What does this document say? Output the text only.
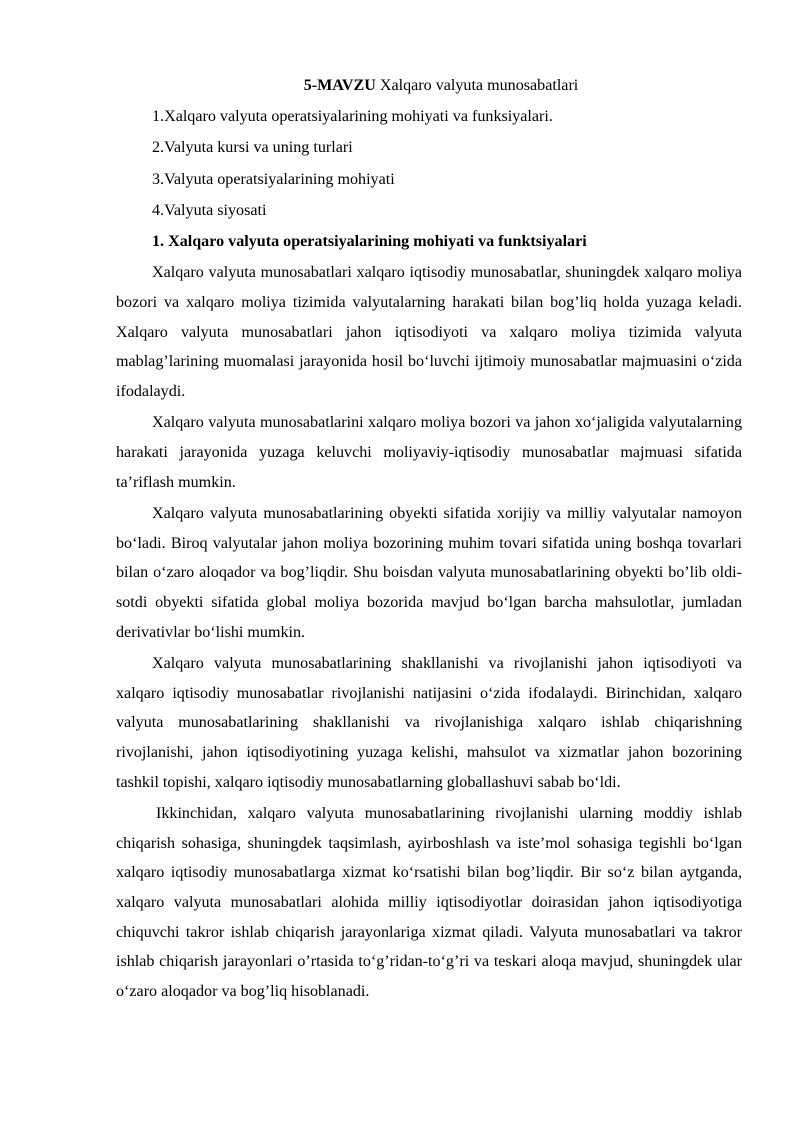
5-MAVZU Xalqaro valyuta munosabatlari

1.Xalqaro valyuta operatsiyalarining mohiyati va funksiyalari.

2.Valyuta kursi va uning turlari

3.Valyuta operatsiyalarining mohiyati

4.Valyuta siyosati

1. Xalqaro valyuta operatsiyalarining mohiyati va funktsiyalari

Xalqaro valyuta munosabatlari xalqaro iqtisodiy munosabatlar, shuningdek xalqaro moliya bozori va xalqaro moliya tizimida valyutalarning harakati bilan bog’liq holda yuzaga keladi. Xalqaro valyuta munosabatlari jahon iqtisodiyoti va xalqaro moliya tizimida valyuta mablag’larining muomalasi jarayonida hosil bo‘luvchi ijtimoiy munosabatlar majmuasini o‘zida ifodalaydi.

Xalqaro valyuta munosabatlarini xalqaro moliya bozori va jahon xo‘jaligida valyutalarning harakati jarayonida yuzaga keluvchi moliyaviy-iqtisodiy munosabatlar majmuasi sifatida ta’riflash mumkin.

Xalqaro valyuta munosabatlarining obyekti sifatida xorijiy va milliy valyutalar namoyon bo‘ladi. Biroq valyutalar jahon moliya bozorining muhim tovari sifatida uning boshqa tovarlari bilan o‘zaro aloqador va bog’liqdir. Shu boisdan valyuta munosabatlarining obyekti bo’lib oldi-sotdi obyekti sifatida global moliya bozorida mavjud bo‘lgan barcha mahsulotlar, jumladan derivativlar bo‘lishi mumkin.

Xalqaro valyuta munosabatlarining shakllanishi va rivojlanishi jahon iqtisodiyoti va xalqaro iqtisodiy munosabatlar rivojlanishi natijasini o‘zida ifodalaydi. Birinchidan, xalqaro valyuta munosabatlarining shakllanishi va rivojlanishiga xalqaro ishlab chiqarishning rivojlanishi, jahon iqtisodiyotining yuzaga kelishi, mahsulot va xizmatlar jahon bozorining tashkil topishi, xalqaro iqtisodiy munosabatlarning globallashuvi sabab bo‘ldi.

Ikkinchidan, xalqaro valyuta munosabatlarining rivojlanishi ularning moddiy ishlab chiqarish sohasiga, shuningdek taqsimlash, ayirboshlash va iste’mol sohasiga tegishli bo‘lgan xalqaro iqtisodiy munosabatlarga xizmat ko‘rsatishi bilan bog’liqdir. Bir so‘z bilan aytganda, xalqaro valyuta munosabatlari alohida milliy iqtisodiyotlar doirasidan jahon iqtisodiyotiga chiquvchi takror ishlab chiqarish jarayonlariga xizmat qiladi. Valyuta munosabatlari va takror ishlab chiqarish jarayonlari o’rtasida to‘g’ridan-to‘g’ri va teskari aloqa mavjud, shuningdek ular o‘zaro aloqador va bog’liq hisoblanadi.
